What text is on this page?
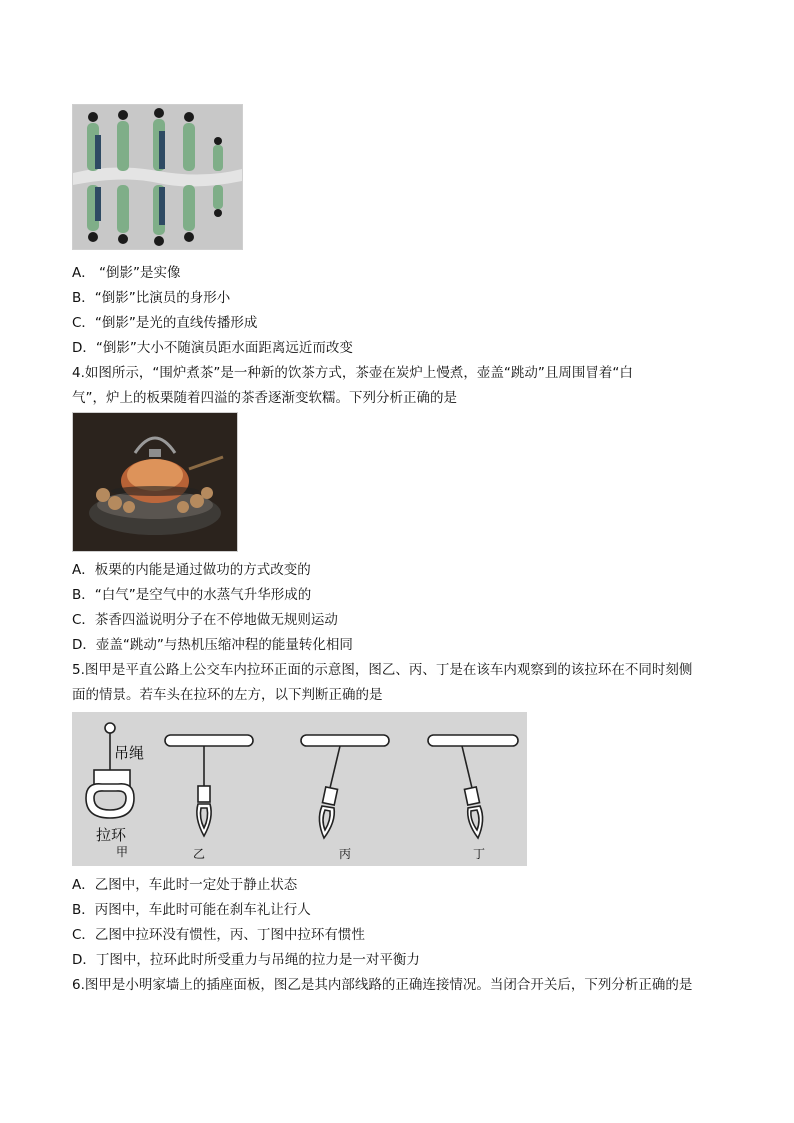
A． “倒影”是实像
B．“倒影”比演员的身形小
C．“倒影”是光的直线传播形成
D．“倒影”大小不随演员距水面距离远近而改变
4.如图所示，“围炉煮茶”是一种新的饮茶方式，茶壶在炭炉上慢煮，壶盖“跳动”且周围冒着“白
气”，炉上的板栗随着四溢的茶香逐渐变软糯。下列分析正确的是
A．板栗的内能是通过做功的方式改变的
B．“白气”是空气中的水蒸气升华形成的
C．茶香四溢说明分子在不停地做无规则运动
D．壶盖“跳动”与热机压缩冲程的能量转化相同
5.图甲是平直公路上公交车内拉环正面的示意图，图乙、丙、丁是在该车内观察到的该拉环在不同时刻侧
面的情景。若车头在拉环的左方，以下判断正确的是
吊绳
拉环
甲	乙	丙	丁
A．乙图中，车此时一定处于静止状态
B．丙图中，车此时可能在刹车礼让行人
C．乙图中拉环没有惯性，丙、丁图中拉环有惯性
D．丁图中，拉环此时所受重力与吊绳的拉力是一对平衡力
6.图甲是小明家墙上的插座面板，图乙是其内部线路的正确连接情况。当闭合开关后，下列分析正确的是
